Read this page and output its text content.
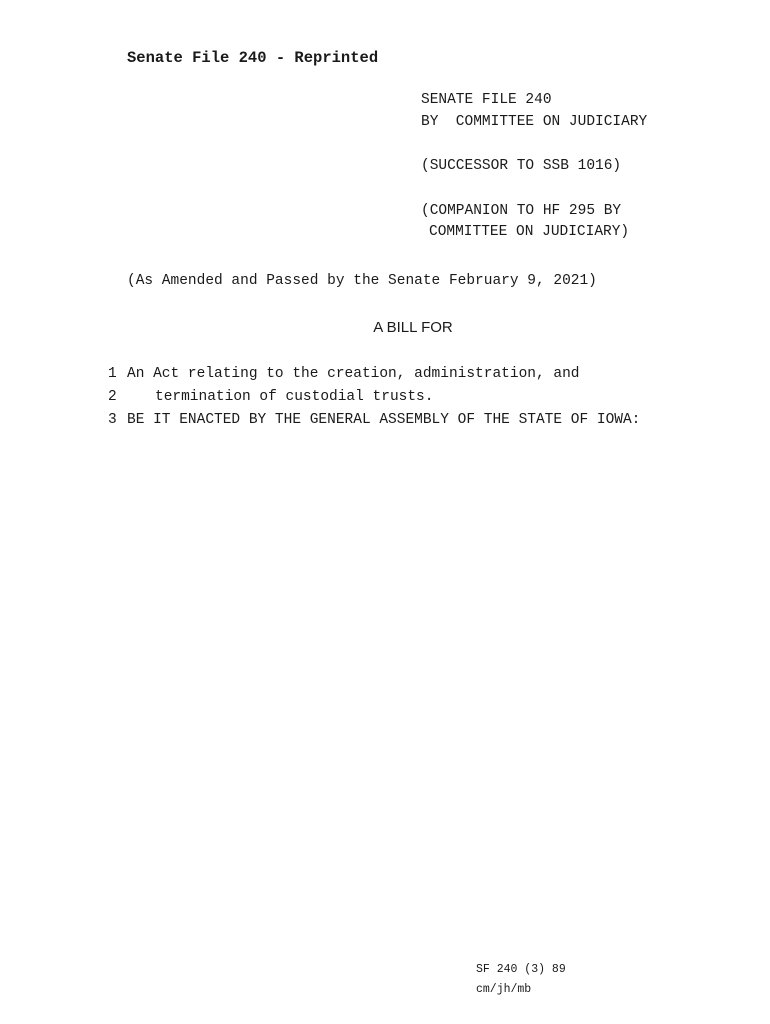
Senate File 240 - Reprinted
SENATE FILE 240
BY  COMMITTEE ON JUDICIARY
(SUCCESSOR TO SSB 1016)
(COMPANION TO HF 295 BY
COMMITTEE ON JUDICIARY)
(As Amended and Passed by the Senate February 9, 2021)
A BILL FOR
1 An Act relating to the creation, administration, and
2	termination of custodial trusts.
3 BE IT ENACTED BY THE GENERAL ASSEMBLY OF THE STATE OF IOWA:
SF 240 (3) 89
cm/jh/mb
